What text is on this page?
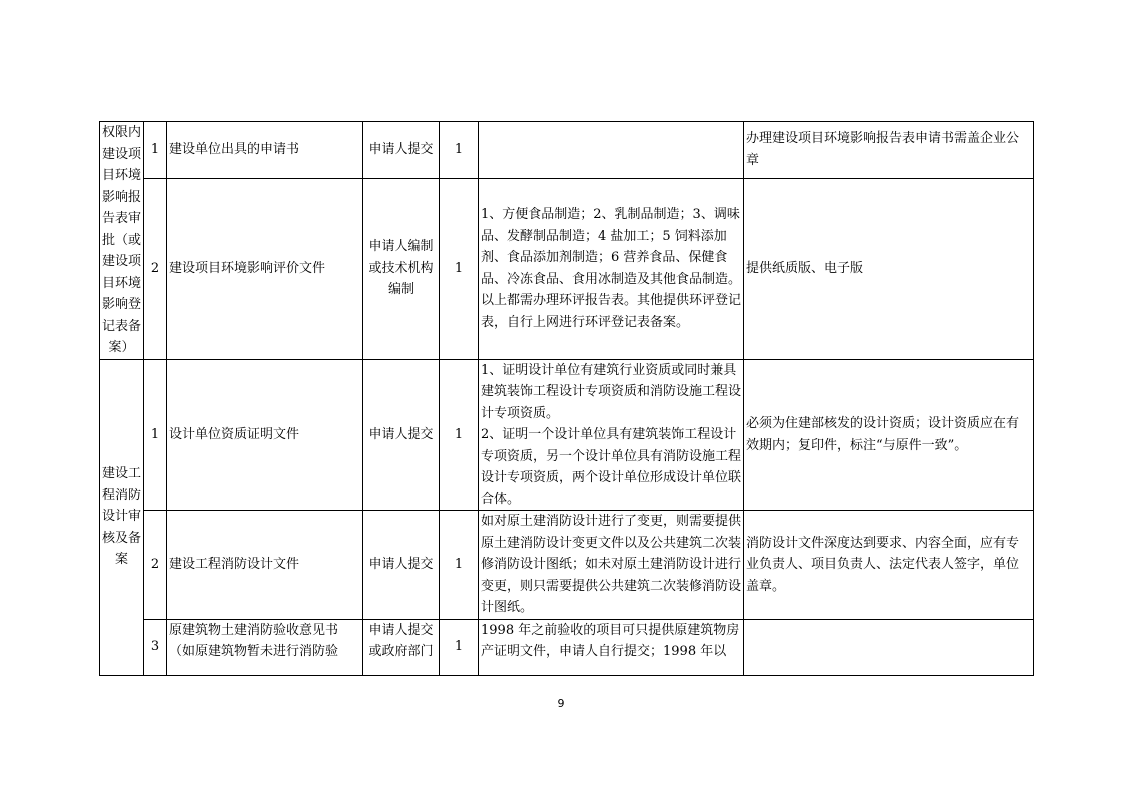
权限内建设项目环境影响报告表审批（或建设项目环境影响登记表备案）	1	建设单位出具的申请书	申请人提交	1		办理建设项目环境影响报告表申请书需盖企业公章
	2	建设项目环境影响评价文件	申请人编制或技术机构编制	1	1、方便食品制造；2、乳制品制造；3、调味品、发酵制品制造；4 盐加工；5 饲料添加剂、食品添加剂制造；6 营养食品、保健食品、冷冻食品、食用冰制造及其他食品制造。以上都需办理环评报告表。其他提供环评登记表，自行上网进行环评登记表备案。	提供纸质版、电子版
建设工程消防设计审核及备案	1	设计单位资质证明文件	申请人提交	1	1、证明设计单位有建筑行业资质或同时兼具建筑装饰工程设计专项资质和消防设施工程设计专项资质。
2、证明一个设计单位具有建筑装饰工程设计专项资质，另一个设计单位具有消防设施工程设计专项资质，两个设计单位形成设计单位联合体。	必须为住建部核发的设计资质；设计资质应在有效期内；复印件，标注“与原件一致”。
	2	建设工程消防设计文件	申请人提交	1	如对原土建消防设计进行了变更，则需要提供原土建消防设计变更文件以及公共建筑二次装修消防设计图纸；如未对原土建消防设计进行变更，则只需要提供公共建筑二次装修消防设计图纸。	消防设计文件深度达到要求、内容全面，应有专业负责人、项目负责人、法定代表人签字，单位盖章。
	3	原建筑物土建消防验收意见书（如原建筑物暂未进行消防验	申请人提交或政府部门	1	1998 年之前验收的项目可只提供原建筑物房产证明文件，申请人自行提交；1998 年以	

9
